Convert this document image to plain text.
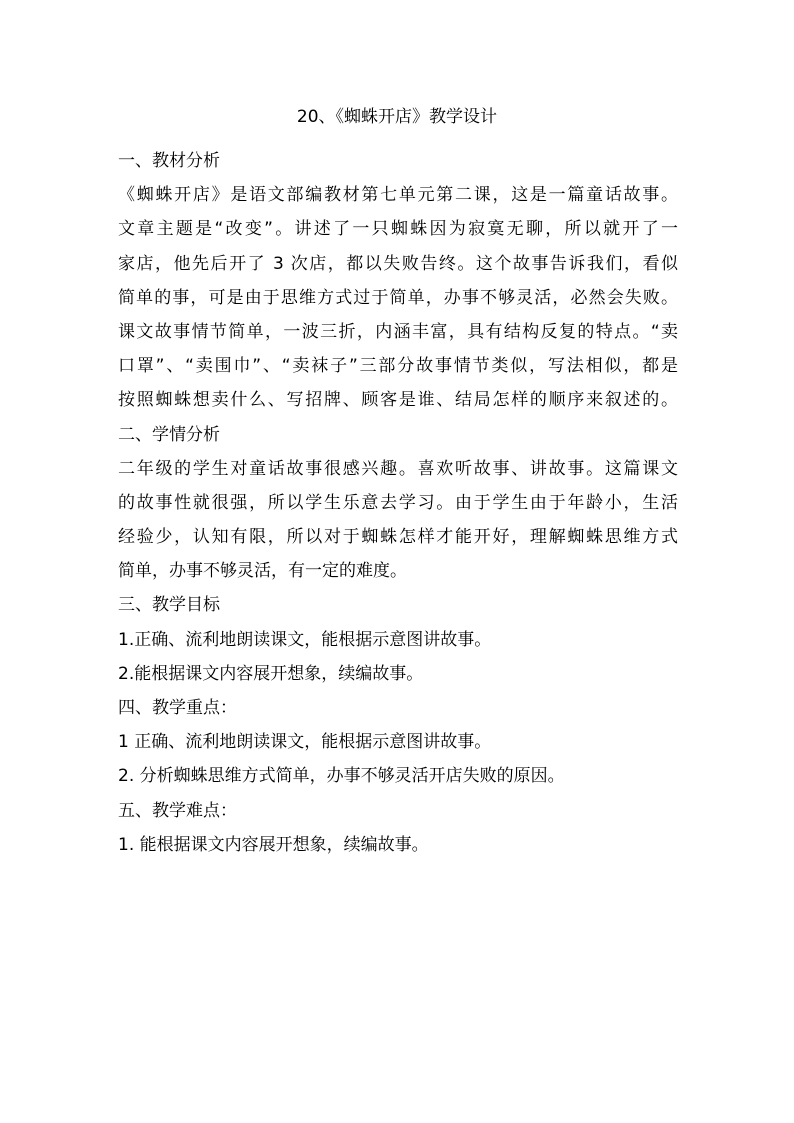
20、《蜘蛛开店》教学设计
一、教材分析
《蜘蛛开店》是语文部编教材第七单元第二课，这是一篇童话故事。
文章主题是“改变”。讲述了一只蜘蛛因为寂寞无聊，所以就开了一
家店，他先后开了 3 次店，都以失败告终。这个故事告诉我们，看似
简单的事，可是由于思维方式过于简单，办事不够灵活，必然会失败。
课文故事情节简单，一波三折，内涵丰富，具有结构反复的特点。“卖
口罩”、“卖围巾”、“卖袜子”三部分故事情节类似，写法相似，都是
按照蜘蛛想卖什么、写招牌、顾客是谁、结局怎样的顺序来叙述的。
二、学情分析
二年级的学生对童话故事很感兴趣。喜欢听故事、讲故事。这篇课文
的故事性就很强，所以学生乐意去学习。由于学生由于年龄小，生活
经验少，认知有限，所以对于蜘蛛怎样才能开好，理解蜘蛛思维方式
简单，办事不够灵活，有一定的难度。
三、教学目标
1.正确、流利地朗读课文，能根据示意图讲故事。
2.能根据课文内容展开想象，续编故事。
四、教学重点：
1 正确、流利地朗读课文，能根据示意图讲故事。
2. 分析蜘蛛思维方式简单，办事不够灵活开店失败的原因。
五、教学难点：
1. 能根据课文内容展开想象，续编故事。
